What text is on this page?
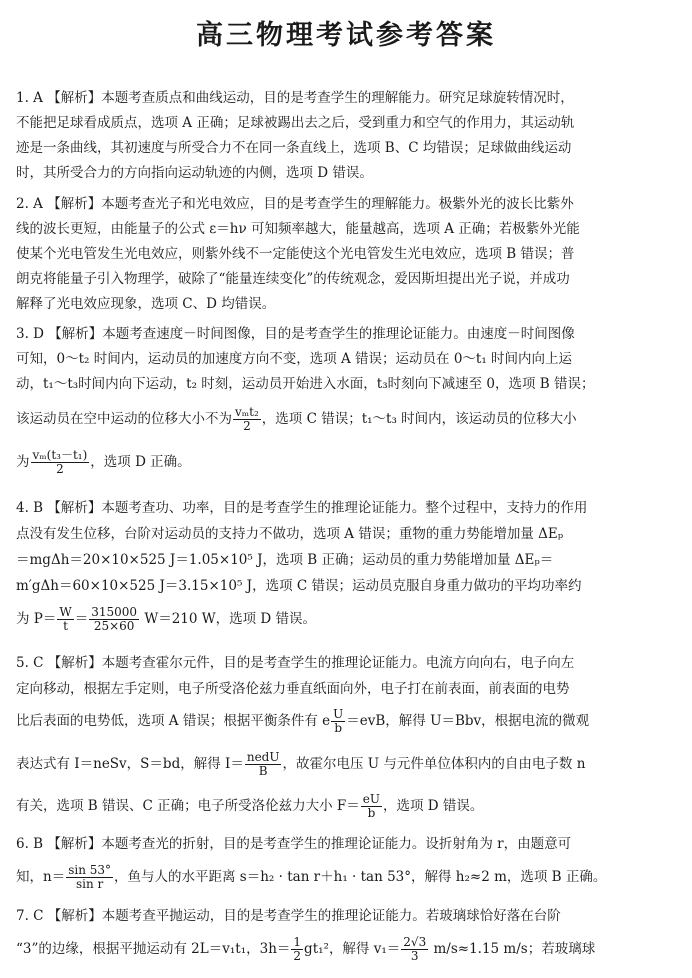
高三物理考试参考答案
1. A 【解析】本题考查质点和曲线运动，目的是考查学生的理解能力。研究足球旋转情况时，
不能把足球看成质点，选项 A 正确；足球被踢出去之后，受到重力和空气的作用力，其运动轨
迹是一条曲线，其初速度与所受合力不在同一条直线上，选项 B、C 均错误；足球做曲线运动
时，其所受合力的方向指向运动轨迹的内侧，选项 D 错误。
2. A 【解析】本题考查光子和光电效应，目的是考查学生的理解能力。极紫外光的波长比紫外
线的波长更短，由能量子的公式 ε＝hν 可知频率越大，能量越高，选项 A 正确；若极紫外光能
使某个光电管发生光电效应，则紫外线不一定能使这个光电管发生光电效应，选项 B 错误；普
朗克将能量子引入物理学，破除了“能量连续变化”的传统观念，爱因斯坦提出光子说，并成功
解释了光电效应现象，选项 C、D 均错误。
3. D 【解析】本题考查速度－时间图像，目的是考查学生的推理论证能力。由速度－时间图像
可知，0～t₂ 时间内，运动员的加速度方向不变，选项 A 错误；运动员在 0～t₁ 时间内向上运
动，t₁～t₃时间内向下运动，t₂ 时刻，运动员开始进入水面，t₃时刻向下减速至 0，选项 B 错误；
该运动员在空中运动的位移大小不为 $\frac{\text{vₘt₂}}{2}$ ，选项 C 错误；t₁～t₃ 时间内，该运动员的位移大小
为 $\frac{\text{vₘ(t₃－t₁)}}{2}$ ，选项 D 正确。
4. B 【解析】本题考查功、功率，目的是考查学生的推理论证能力。整个过程中，支持力的作用
点没有发生位移，台阶对运动员的支持力不做功，选项 A 错误；重物的重力势能增加量 ΔEₚ
＝mgΔh＝20×10×525 J＝1.05×10⁵ J，选项 B 正确；运动员的重力势能增加量 ΔEₚ＝
m′gΔh＝60×10×525 J＝3.15×10⁵ J，选项 C 错误；运动员克服自身重力做功的平均功率约
为 $P= \frac{W}{t} = \frac{315000}{25\times 60} W=210$ W，选项 D 错误。
5. C 【解析】本题考查霍尔元件，目的是考查学生的推理论证能力。电流方向向右，电子向左
定向移动，根据左手定则，电子所受洛伦兹力垂直纸面向外，电子打在前表面，前表面的电势
比后表面的电势低，选项 A 错误；根据平衡条件有 e $\frac{U}{b} =evB$，解得 U＝Bbv，根据电流的微观
表达式有 I＝neSv，S＝bd，解得 $I= \frac{\text{nedU}}{B}$ ，故霍尔电压 U 与元件单位体积内的自由电子数 n
有关，选项 B 错误、C 正确；电子所受洛伦兹力大小 $F= \frac{eU}{b}$ ，选项 D 错误。
6. B 【解析】本题考查光的折射，目的是考查学生的推理论证能力。设折射角为 r，由题意可
知，$n= \frac{\sin 53^\circ}{\text{sin r}}$ ，鱼与人的水平距离 s＝h₂ · tan r＋h₁ · tan 53°，解得 h₂≈2 m，选项 B 正确。
7. C 【解析】本题考查平抛运动，目的是考查学生的推理论证能力。若玻璃球恰好落在台阶
“3”的边缘，根据平抛运动有 2L＝v₁t₁，$3h= \frac{1}{2} gt_1^2$，解得 $v_1= \frac{2√3}{3} m/s\approx 1.15$ m/s；若玻璃球
